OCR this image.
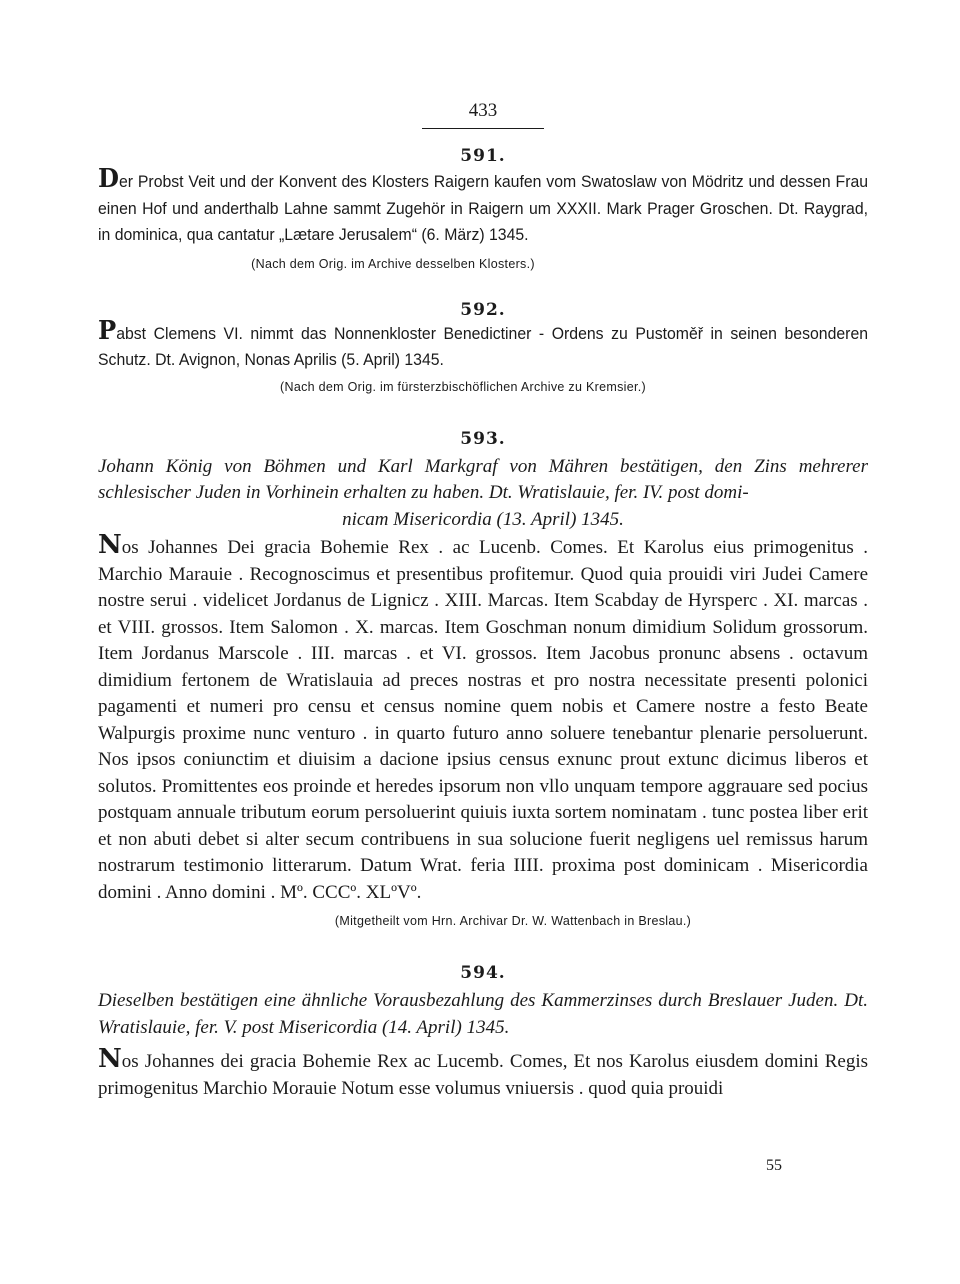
433
591.

Der Probst Veit und der Konvent des Klosters Raigern kaufen vom Swatoslaw von Mödritz und dessen Frau einen Hof und anderthalb Lahne sammt Zugehör in Raigern um XXXII. Mark Prager Groschen. Dt. Raygrad, in dominica, qua cantatur „Lætare Jerusalem“ (6. März) 1345.

(Nach dem Orig. im Archive desselben Klosters.)
592.

Pabst Clemens VI. nimmt das Nonnenkloster Benedictiner - Ordens zu Pustoměř in seinen besonderen Schutz. Dt. Avignon, Nonas Aprilis (5. April) 1345.

(Nach dem Orig. im fürsterzbischöflichen Archive zu Kremsier.)
593.

Johann König von Böhmen und Karl Markgraf von Mähren bestätigen, den Zins mehrerer schlesischer Juden in Vorhinein erhalten zu haben. Dt. Wratislauie, fer. IV. post domi-
nicam Misericordia (13. April) 1345.

Nos Johannes Dei gracia Bohemie Rex . ac Lucenb. Comes. Et Karolus eius primogenitus . Marchio Marauie . Recognoscimus et presentibus profitemur. Quod quia prouidi viri Judei Camere nostre serui . videlicet Jordanus de Lignicz . XIII. Marcas. Item Scabday de Hyrsperc . XI. marcas . et VIII. grossos. Item Salomon . X. marcas. Item Goschman nonum dimidium Solidum grossorum. Item Jordanus Marscole . III. marcas . et VI. grossos. Item Jacobus pronunc absens . octavum dimidium fertonem de Wratislauia ad preces nostras et pro nostra necessitate presenti polonici pagamenti et numeri pro censu et census nomine quem nobis et Camere nostre a festo Beate Walpurgis proxime nunc venturo . in quarto futuro anno soluere tenebantur plenarie persoluerunt. Nos ipsos coniunctim et diuisim a dacione ipsius census exnunc prout extunc dicimus liberos et solutos. Promittentes eos proinde et heredes ipsorum non vllo unquam tempore aggrauare sed pocius postquam annuale tributum eorum persoluerint quiuis iuxta sortem nominatam . tunc postea liber erit et non abuti debet si alter secum contribuens in sua solucione fuerit negligens uel remissus harum nostrarum testimonio litterarum. Datum Wrat. feria IIII. proxima post dominicam . Misericordia domini . Anno domini . Mº. CCCº. XLºVº.

(Mitgetheilt vom Hrn. Archivar Dr. W. Wattenbach in Breslau.)
594.

Dieselben bestätigen eine ähnliche Vorausbezahlung des Kammerzinses durch Breslauer Juden. Dt. Wratislauie, fer. V. post Misericordia (14. April) 1345.

Nos Johannes dei gracia Bohemie Rex ac Lucemb. Comes, Et nos Karolus eiusdem domini Regis primogenitus Marchio Morauie Notum esse volumus vniuersis . quod quia prouidi

55
